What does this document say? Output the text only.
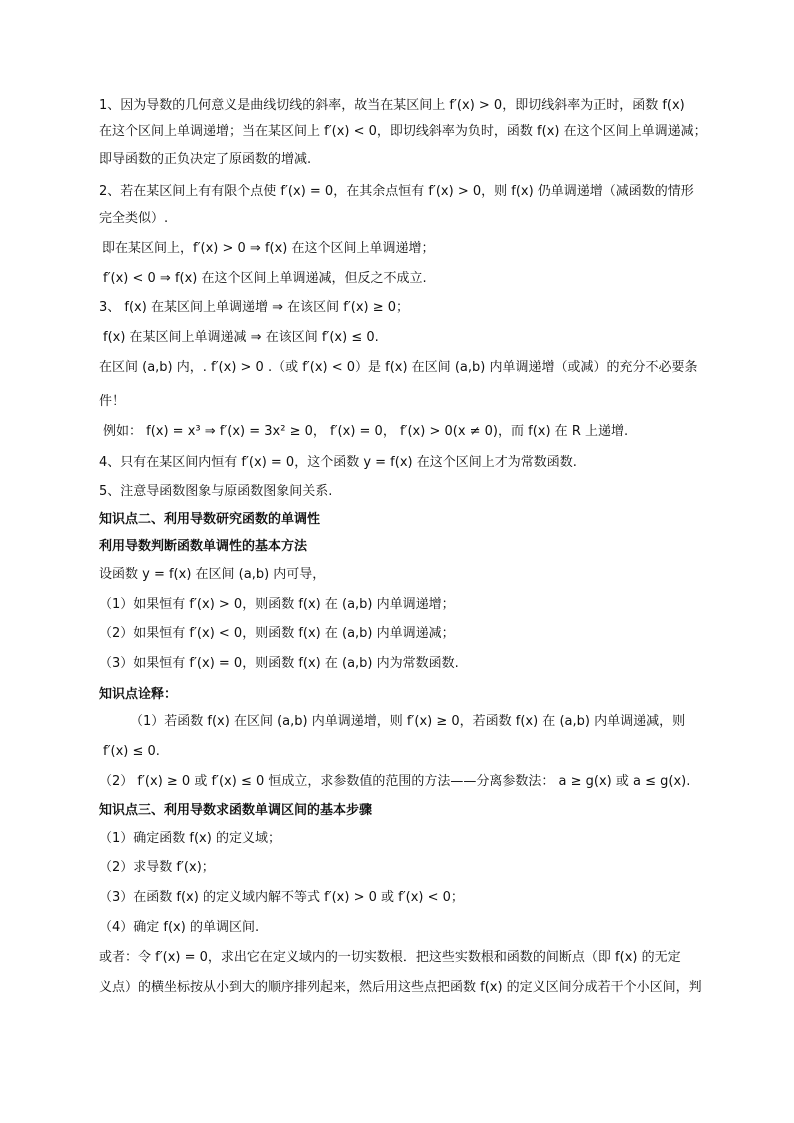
1、因为导数的几何意义是曲线切线的斜率，故当在某区间上 f′(x) > 0，即切线斜率为正时，函数 f(x)
在这个区间上单调递增；当在某区间上 f′(x) < 0，即切线斜率为负时，函数 f(x) 在这个区间上单调递减；
即导函数的正负决定了原函数的增减.
2、若在某区间上有有限个点使 f′(x) = 0，在其余点恒有 f′(x) > 0，则 f(x) 仍单调递增（减函数的情形
完全类似）.
即在某区间上，f′(x) > 0 ⇒ f(x) 在这个区间上单调递增；
f′(x) < 0 ⇒ f(x) 在这个区间上单调递减，但反之不成立.
3、 f(x) 在某区间上单调递增 ⇒ 在该区间 f′(x) ≥ 0；
f(x) 在某区间上单调递减 ⇒ 在该区间 f′(x) ≤ 0.
在区间 (a,b) 内，. f′(x) > 0 .（或 f′(x) < 0）是 f(x) 在区间 (a,b) 内单调递增（或减）的充分不必要条
件！
例如： f(x) = x³ ⇒ f′(x) = 3x² ≥ 0， f′(x) = 0， f′(x) > 0(x ≠ 0)，而 f(x) 在 R 上递增.
4、只有在某区间内恒有 f′(x) = 0，这个函数 y = f(x) 在这个区间上才为常数函数.
5、注意导函数图象与原函数图象间关系.
知识点二、利用导数研究函数的单调性
利用导数判断函数单调性的基本方法
设函数 y = f(x) 在区间 (a,b) 内可导，
（1）如果恒有 f′(x) > 0，则函数 f(x) 在 (a,b) 内单调递增；
（2）如果恒有 f′(x) < 0，则函数 f(x) 在 (a,b) 内单调递减；
（3）如果恒有 f′(x) = 0，则函数 f(x) 在 (a,b) 内为常数函数.
知识点诠释：
（1）若函数 f(x) 在区间 (a,b) 内单调递增，则 f′(x) ≥ 0，若函数 f(x) 在 (a,b) 内单调递减，则
f′(x) ≤ 0.
（2） f′(x) ≥ 0 或 f′(x) ≤ 0 恒成立，求参数值的范围的方法——分离参数法： a ≥ g(x) 或 a ≤ g(x).
知识点三、利用导数求函数单调区间的基本步骤
（1）确定函数 f(x) 的定义域；
（2）求导数 f′(x)；
（3）在函数 f(x) 的定义域内解不等式 f′(x) > 0 或 f′(x) < 0；
（4）确定 f(x) 的单调区间.
或者：令 f′(x) = 0，求出它在定义域内的一切实数根．把这些实数根和函数的间断点（即 f(x) 的无定
义点）的横坐标按从小到大的顺序排列起来，然后用这些点把函数 f(x) 的定义区间分成若干个小区间，判
